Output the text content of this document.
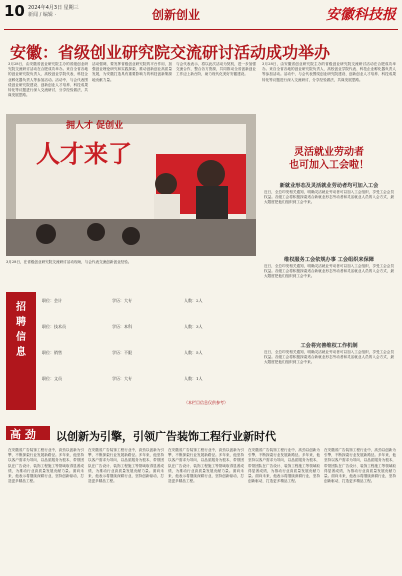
10 2024年4月3日 星期三
新闻 / 编辑 ·	创新创业	安徽科技报
安徽：省级创业研究院交流研讨活动成功举办
3月28日，由安徽省创业研究院主办的省级创业研究院交流研讨活动在合肥成功举办。来自全省各地的创业研究院负责人、高校创业学院代表、科技企业孵化器负责人等参加活动。活动中，与会代表围绕创业研究院建设、创新创业人才培养、科技成果转化等议题进行深入交流研讨，分享经验做法，共谋发展思路。
活动强调，要发挥省级创业研究院的平台作用，加强创业理论研究和实践探索，推动创新创业高质量发展，为安徽打造具有重要影响力的科技创新策源地贡献力量。
与会代表表示，将以此次活动为契机，进一步加强交流合作，整合各方资源，共同推动全省创新创业工作迈上新台阶，助力现代化美好安徽建设。
3月28日，由安徽省创业研究院主办的省级创业研究院交流研讨活动在合肥成功举办。来自全省各地的创业研究院负责人、高校创业学院代表、科技企业孵化器负责人等参加活动。活动中，与会代表围绕创业研究院建设、创新创业人才培养、科技成果转化等议题进行深入交流研讨，分享经验做法，共谋发展思路。
拥人才 促创业
人才来了
3月28日，在省级创业研究院交流研讨活动现场，与会代表交流创新创业经验。
灵活就业劳动者
也可加入工会啦！
新就业形态及灵活就业劳动者均可加入工会
近日，全总印发相关通知，明确灵活就业劳动者可以加入工会组织，享受工会会员权益。各级工会将积极探索适合新就业形态劳动者和灵活就业人员的入会方式，最大限度把他们组织到工会中来。
维权服务工会依规办事 工会组织来保障
近日，全总印发相关通知，明确灵活就业劳动者可以加入工会组织，享受工会会员权益。各级工会将积极探索适合新就业形态劳动者和灵活就业人员的入会方式，最大限度把他们组织到工会中来。
工会将完善维权工作机制
近日，全总印发相关通知，明确灵活就业劳动者可以加入工会组织，享受工会会员权益。各级工会将积极探索适合新就业形态劳动者和灵活就业人员的入会方式，最大限度把他们组织到工会中来。
招聘信息
职位：会计	学历：大专	人数：2人
职位：技术员	学历：本科	人数：3人
职位：销售	学历：不限	人数：5人
职位：文员	学历：大专	人数：1人
（本栏目信息仅供参考）
以创新为引擎，引领广告装饰工程行业新时代
高 劲
在安徽省广告装饰工程行业中，高劲以创新为引擎，不断探索行业发展新路径。多年来，他坚持以客户需求为导向，以品质服务为根本，带领团队在广告设计、装饰工程施工等领域取得显著成绩，为推动行业高质量发展贡献力量。面向未来，他表示将继续深耕行业，坚持创新驱动，打造更多精品工程。
在安徽省广告装饰工程行业中，高劲以创新为引擎，不断探索行业发展新路径。多年来，他坚持以客户需求为导向，以品质服务为根本，带领团队在广告设计、装饰工程施工等领域取得显著成绩，为推动行业高质量发展贡献力量。面向未来，他表示将继续深耕行业，坚持创新驱动，打造更多精品工程。
在安徽省广告装饰工程行业中，高劲以创新为引擎，不断探索行业发展新路径。多年来，他坚持以客户需求为导向，以品质服务为根本，带领团队在广告设计、装饰工程施工等领域取得显著成绩，为推动行业高质量发展贡献力量。面向未来，他表示将继续深耕行业，坚持创新驱动，打造更多精品工程。
在安徽省广告装饰工程行业中，高劲以创新为引擎，不断探索行业发展新路径。多年来，他坚持以客户需求为导向，以品质服务为根本，带领团队在广告设计、装饰工程施工等领域取得显著成绩，为推动行业高质量发展贡献力量。面向未来，他表示将继续深耕行业，坚持创新驱动，打造更多精品工程。
在安徽省广告装饰工程行业中，高劲以创新为引擎，不断探索行业发展新路径。多年来，他坚持以客户需求为导向，以品质服务为根本，带领团队在广告设计、装饰工程施工等领域取得显著成绩，为推动行业高质量发展贡献力量。面向未来，他表示将继续深耕行业，坚持创新驱动，打造更多精品工程。
